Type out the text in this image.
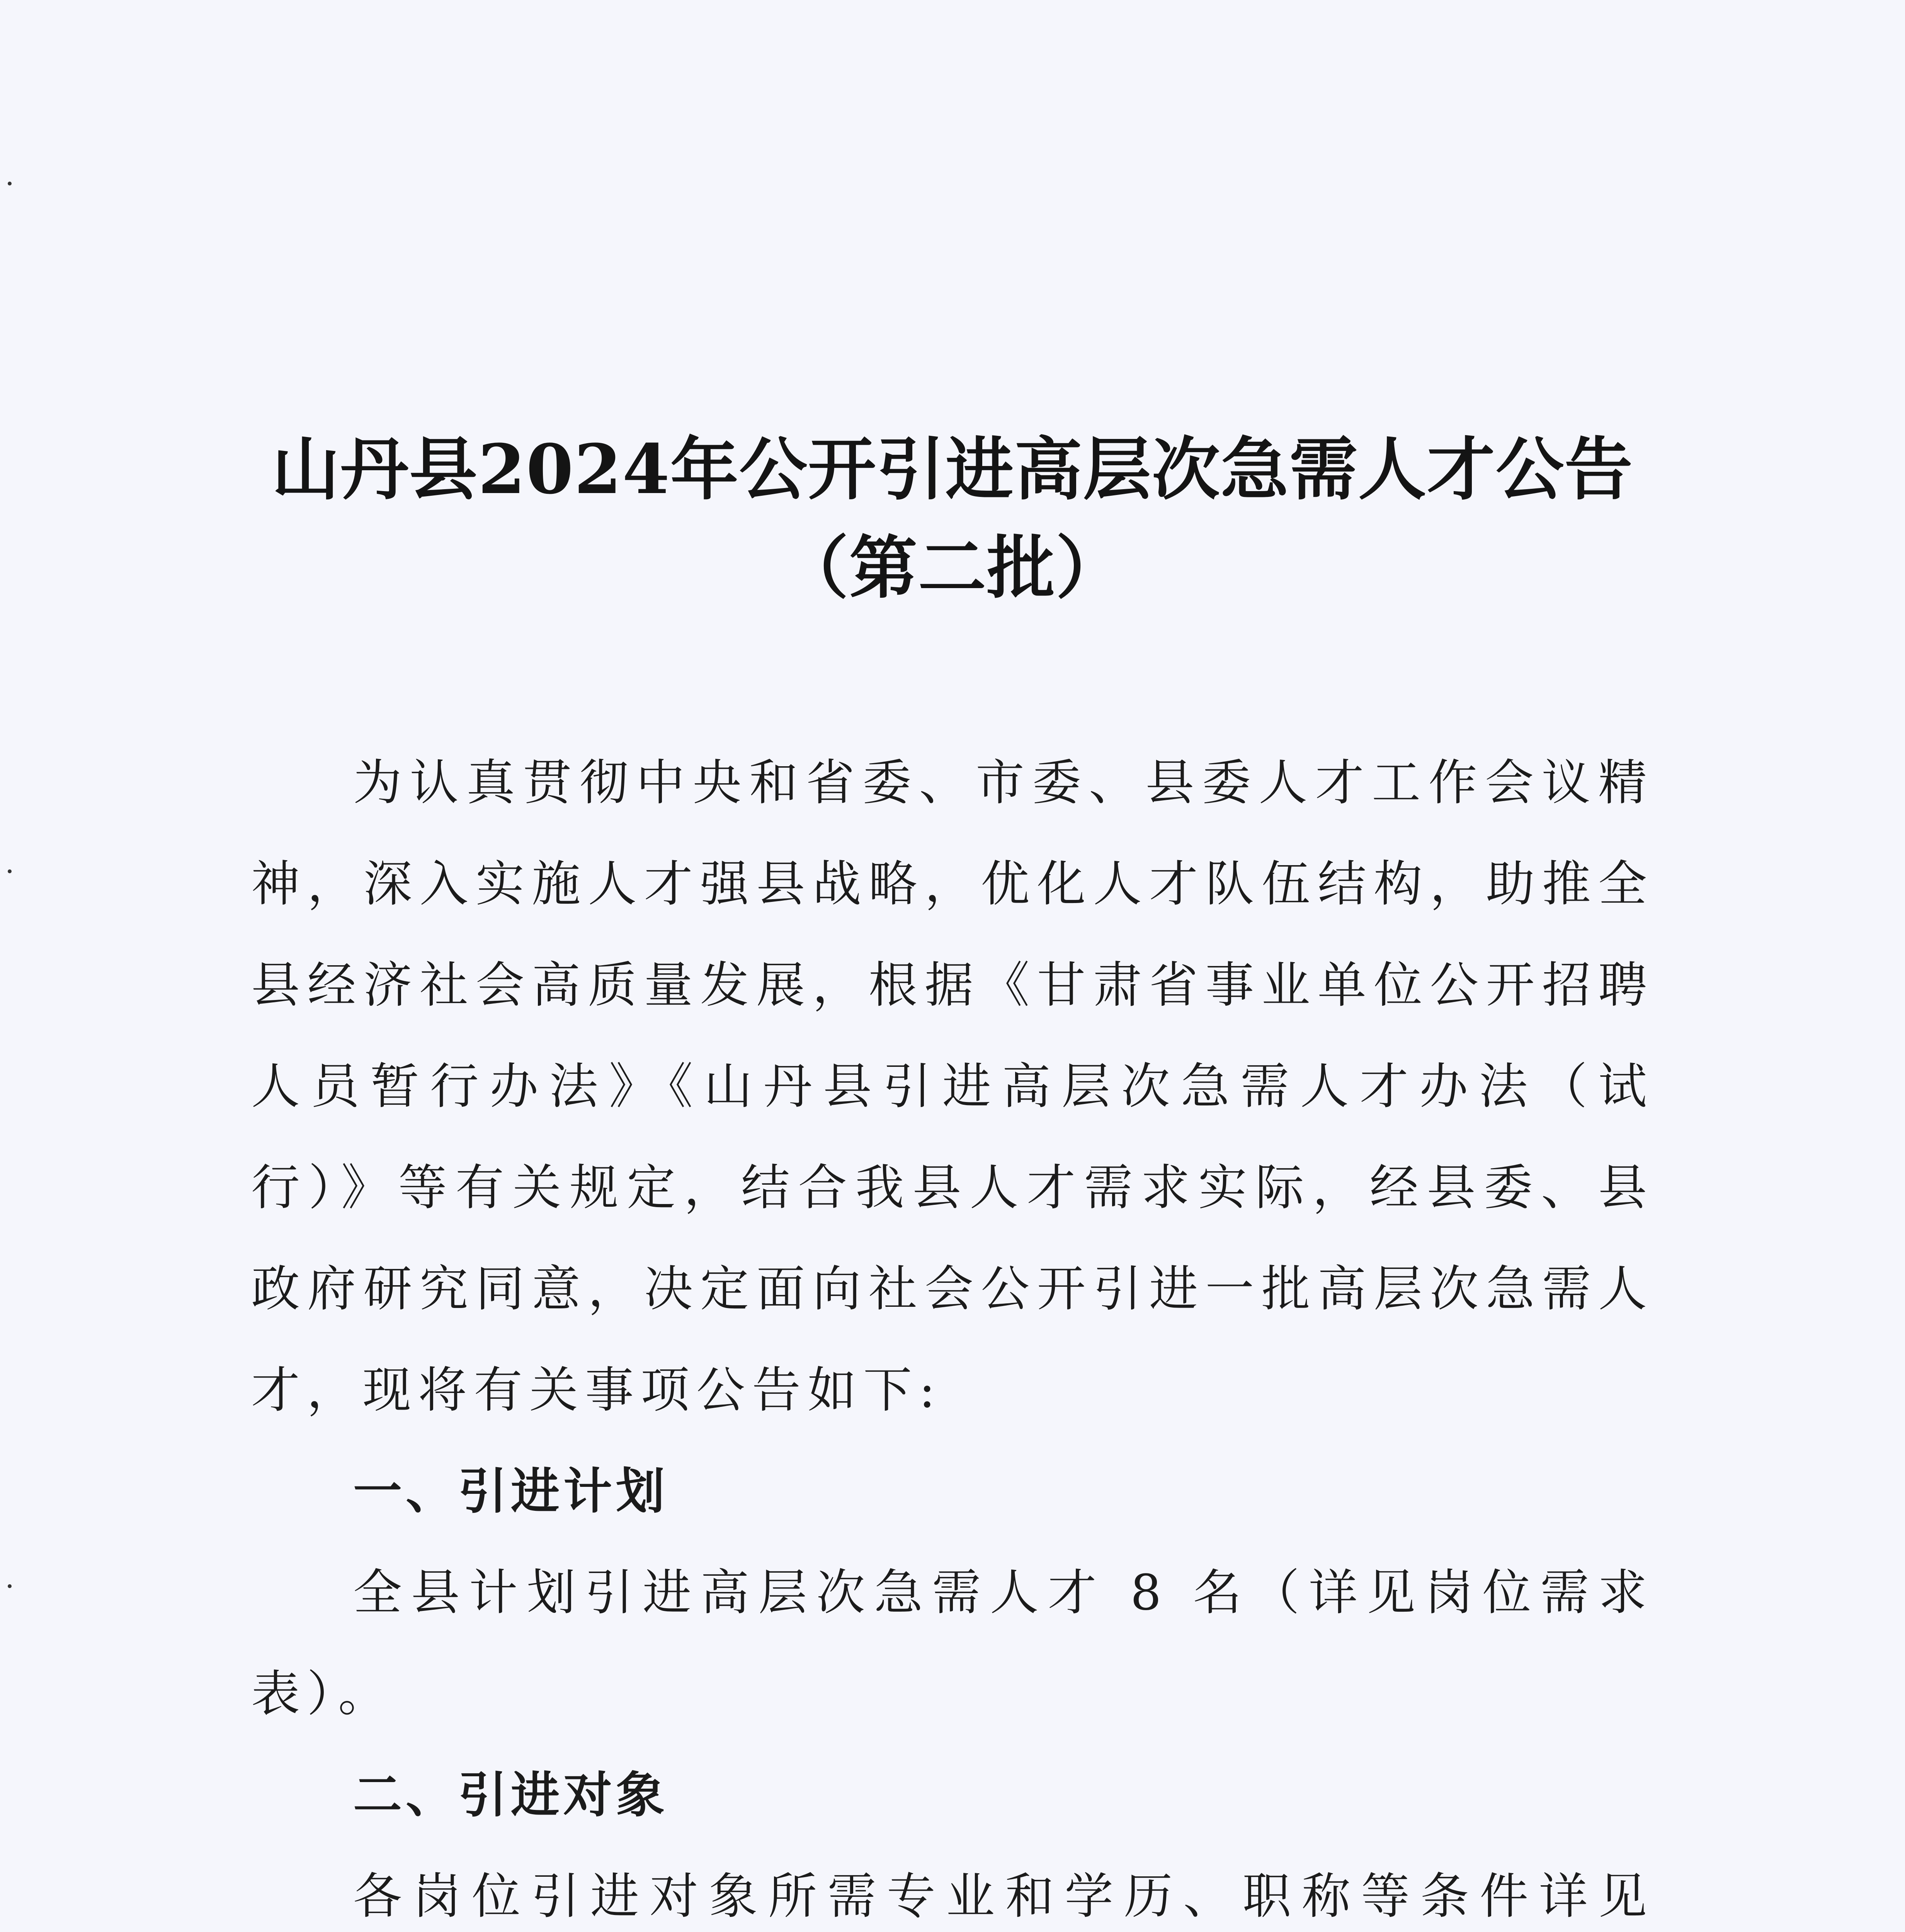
山丹县2024年公开引进高层次急需人才公告
（第二批）

为认真贯彻中央和省委、市委、县委人才工作会议精神，深入实施人才强县战略，优化人才队伍结构，助推全县经济社会高质量发展，根据《甘肃省事业单位公开招聘人员暂行办法》《山丹县引进高层次急需人才办法（试行）》等有关规定，结合我县人才需求实际，经县委、县政府研究同意，决定面向社会公开引进一批高层次急需人才，现将有关事项公告如下:

一、引进计划

全县计划引进高层次急需人才 8 名（详见岗位需求表）。

二、引进对象

各岗位引进对象所需专业和学历、职称等条件详见
